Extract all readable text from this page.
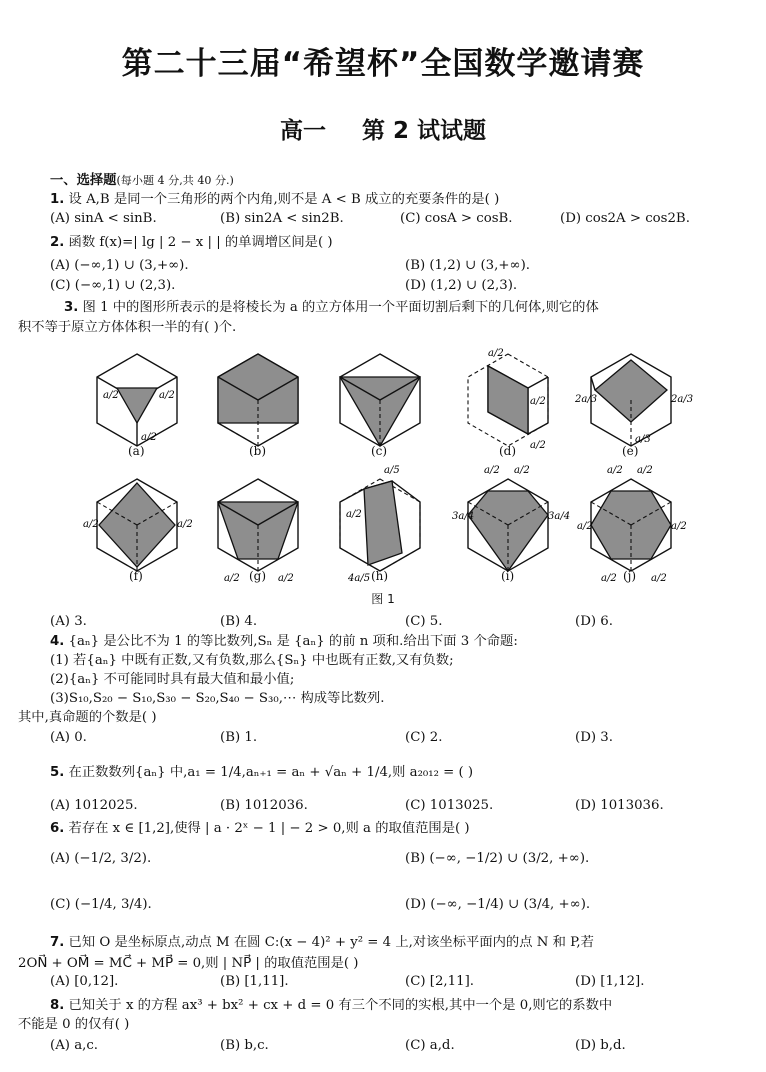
第二十三届“希望杯”全国数学邀请赛
高一 第 2 试试题
一、选择题(每小题 4 分,共 40 分.)
1. 设 A,B 是同一个三角形的两个内角,则不是 A < B 成立的充要条件的是( )
(A) sinA < sinB.	(B) sin2A < sin2B.	(C) cosA > cosB.	(D) cos2A > cos2B.
2. 函数 f(x)=| lg | 2 − x | | 的单调增区间是( )
(A) (−∞,1) ∪ (3,+∞).	(B) (1,2) ∪ (3,+∞).
(C) (−∞,1) ∪ (2,3).	(D) (1,2) ∪ (2,3).
3. 图 1 中的图形所表示的是将棱长为 a 的立方体用一个平面切割后剩下的几何体,则它的体
积不等于原立方体体积一半的有( )个.
a/2	a/2
a/2
a/2
a/2
a/2
2a/3	2a/3
a/3
a/2	a/2
a/2	a/2
a/5
a/2
4a/5
a/2 a/2
3a/4	3a/4
a/2 a/2
a/2	a/2
a/2	a/2
(a)	(b)	(c)	(d)	(e)
(f)	(g)	(h)	(i)	(j)
图 1
(A) 3.	(B) 4.	(C) 5.	(D) 6.
4. {aₙ} 是公比不为 1 的等比数列,Sₙ 是 {aₙ} 的前 n 项和.给出下面 3 个命题:
(1) 若{aₙ} 中既有正数,又有负数,那么{Sₙ} 中也既有正数,又有负数;
(2){aₙ} 不可能同时具有最大值和最小值;
(3)S₁₀,S₂₀ − S₁₀,S₃₀ − S₂₀,S₄₀ − S₃₀,⋯ 构成等比数列.
其中,真命题的个数是( )
(A) 0.	(B) 1.	(C) 2.	(D) 3.
5. 在正数数列{aₙ} 中,a₁ = 1/4,aₙ₊₁ = aₙ + √aₙ + 1/4,则 a₂₀₁₂ = ( )
(A) 1012025.	(B) 1012036.	(C) 1013025.	(D) 1013036.
6. 若存在 x ∈ [1,2],使得 | a · 2ˣ − 1 | − 2 > 0,则 a 的取值范围是( )
(A) (−1/2, 3/2).	(B) (−∞, −1/2) ∪ (3/2, +∞).
(C) (−1/4, 3/4).	(D) (−∞, −1/4) ∪ (3/4, +∞).
7. 已知 O 是坐标原点,动点 M 在圆 C:(x − 4)² + y² = 4 上,对该坐标平面内的点 N 和 P,若
2ON⃗ + OM⃗ = MC⃗ + MP⃗ = 0,则 | NP⃗ | 的取值范围是( )
(A) [0,12].	(B) [1,11].	(C) [2,11].	(D) [1,12].
8. 已知关于 x 的方程 ax³ + bx² + cx + d = 0 有三个不同的实根,其中一个是 0,则它的系数中
不能是 0 的仅有( )
(A) a,c.	(B) b,c.	(C) a,d.	(D) b,d.
